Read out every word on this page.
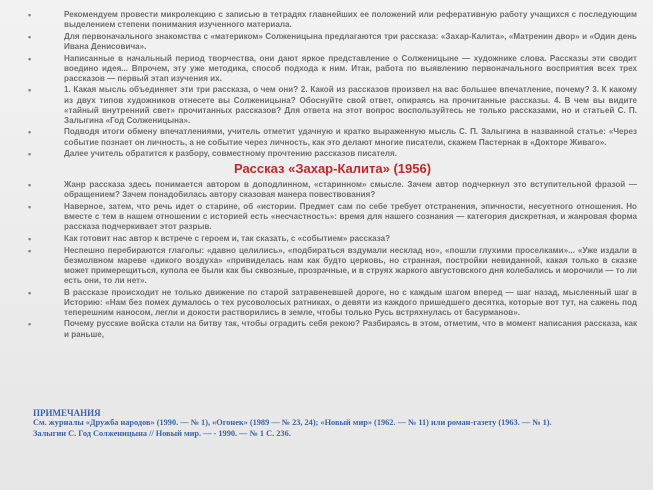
• Рекомендуем провести микролекцию с записью в тетрадях главнейших ее положений или реферативную работу учащихся с последующим выделением степени понимания изученного материала.
• Для первоначального знакомства с «материком» Солженицына предлагаются три рассказа: «Захар-Калита», «Матренин двор» и «Один день Ивана Денисовича».
• Написанные в начальный период творчества, они дают яркое представление о Солженицыне — художнике слова. Рассказы эти сводит воедино идея... Впрочем, эту уже методика, способ подхода к ним. Итак, работа по выявлению первоначального восприятия всех трех рассказов — первый этап изучения их.
• 1. Какая мысль объединяет эти три рассказа, о чем они? 2. Какой из рассказов произвел на вас большее впечатление, почему? 3. К какому из двух типов художников отнесете вы Солженицына? Обоснуйте свой ответ, опираясь на прочитанные рассказы. 4. В чем вы видите «тайный внутренний свет» прочитанных рассказов? Для ответа на этот вопрос воспользуйтесь не только рассказами, но и статьей С. П. Залыгина «Год Солженицына».
• Подводя итоги обмену впечатлениями, учитель отметит удачную и кратко выраженную мысль С. П. Залыгина в названной статье: «Через событие познает он личность, а не событие через личность, как это делают многие писатели, скажем Пастернак в «Докторе Живаго».
• Далее учитель обратится к разбору, совместному прочтению рассказов писателя.
Рассказ «Захар-Калита» (1956)
• Жанр рассказа здесь понимается автором в доподлинном, «старинном» смысле. Зачем автор подчеркнул это вступительной фразой — обращением? Зачем понадобилась автору сказовая манера повествования?
• Наверное, затем, что речь идет о старине, об «истории. Предмет сам по себе требует отстранения, эпичности, несуетного отношения. Но вместе с тем в нашем отношении с историей есть «несчастность»: время для нашего сознания — категория дискретная, и жанровая форма рассказа подчеркивает этот разрыв.
• Как готовит нас автор к встрече с героем и, так сказать, с «событием» рассказа?
• Неспешно перебираются глаголы: «давно целились», «подбираться вздумали несклад но», «пошли глухими проселками»... «Уже издали в безмолвном мареве «дикого воздуха» «привиделась нам как будто церковь, но странная, постройки невиданной, какая только в сказке может примерещиться, купола ее были как бы сквозные, прозрачные, и в струях жаркого августовского дня колебались и морочили — то ли есть они, то ли нет».
• В рассказе происходит не только движение по старой затравеневшей дороге, но с каждым шагом вперед — шаг назад, мысленный шаг в Историю: «Нам без помех думалось о тех русоволосых ратниках, о девяти из каждого пришедшего десятка, которые вот тут, на сажень под теперешним наносом, легли и докости растворились в земле, чтобы только Русь встряхнулась от басурманов».
• Почему русские войска стали на битву так, чтобы оградить себя рекою? Разбираясь в этом, отметим, что в момент написания рассказа, как и раньше,
ПРИМЕЧАНИЯ
См. журналы «Дружба народов» (1990. — № 1), «Огонек» (1989 — № 23, 24); «Новый мир» (1962. — № 11) или роман-газету (1963. — № 1).
Залыгин С. Год Солженицына // Новый мир. — - 1990. — № 1 С. 236.
